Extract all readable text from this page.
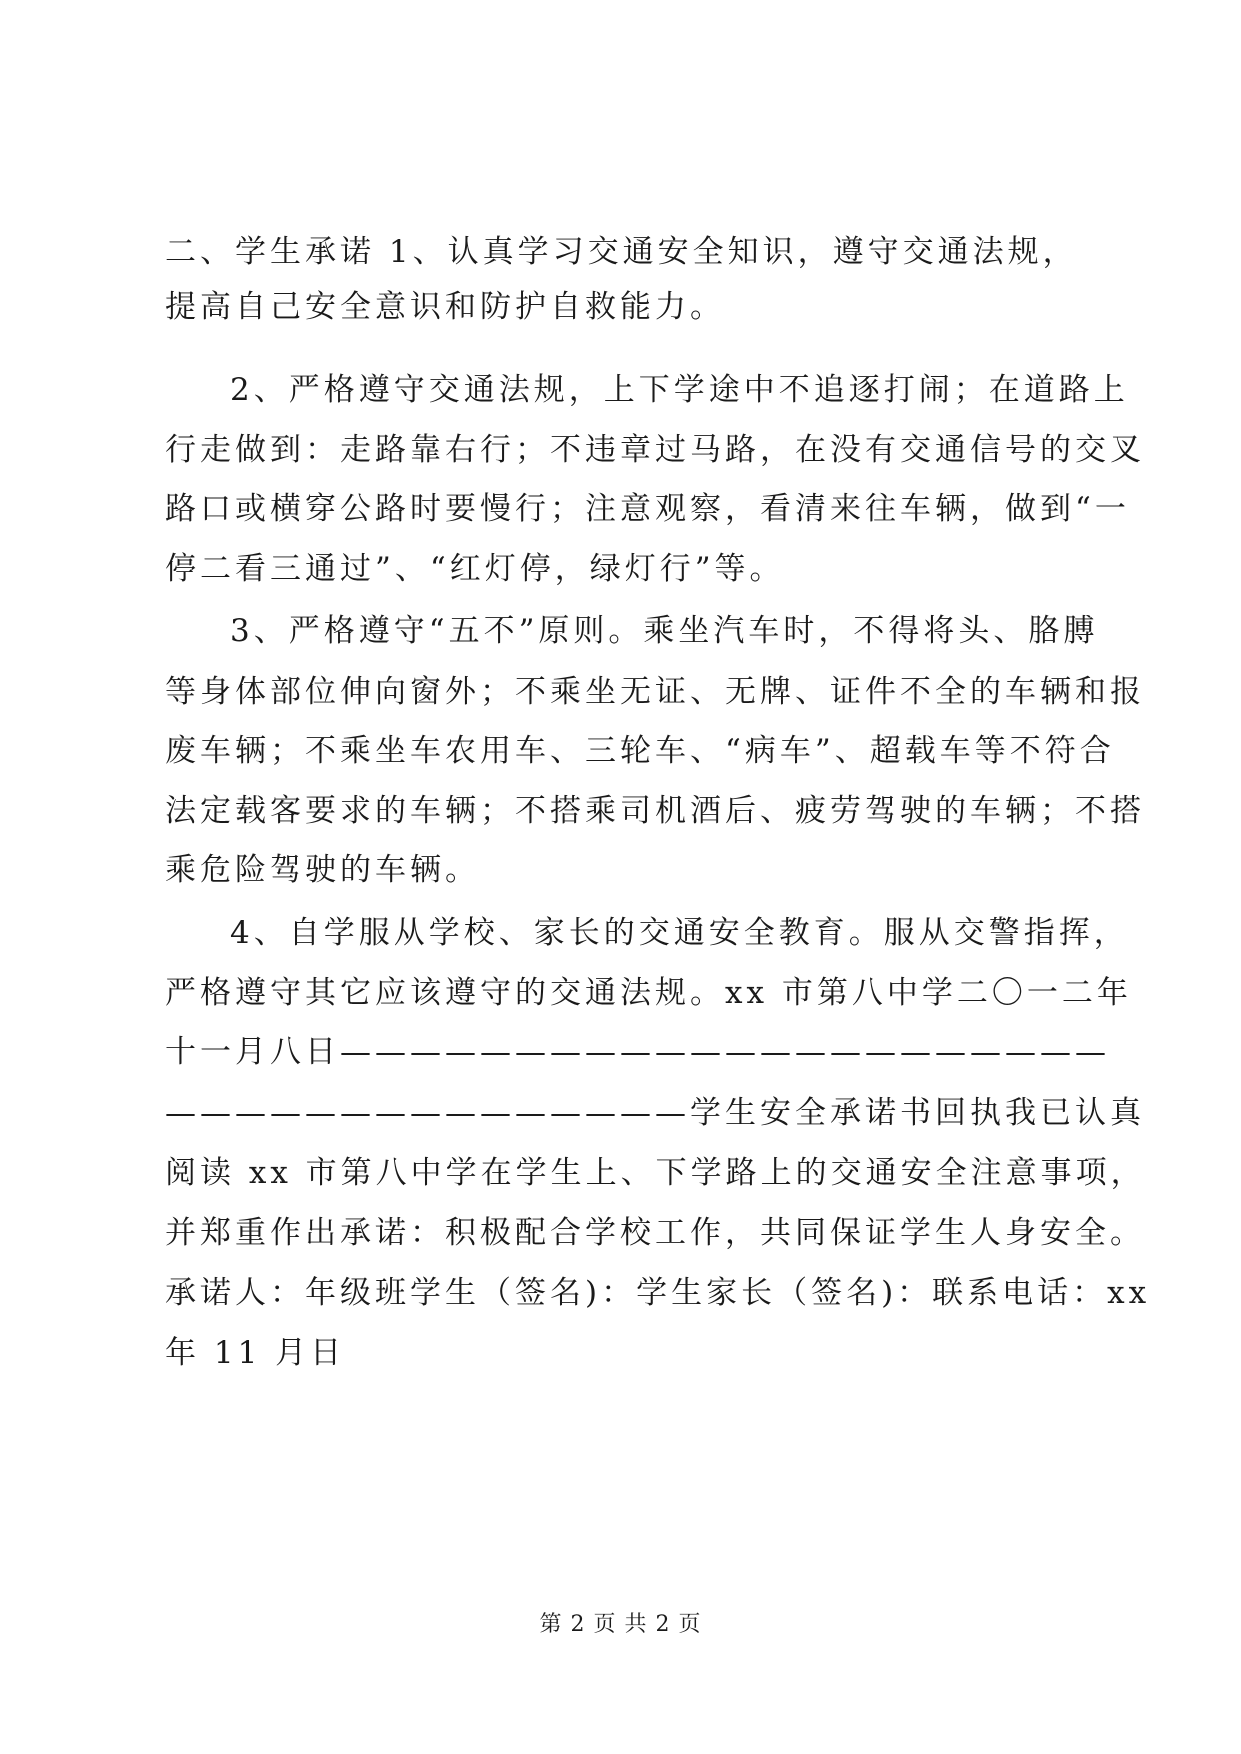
二、学生承诺 1、认真学习交通安全知识，遵守交通法规，
提高自己安全意识和防护自救能力。
2、严格遵守交通法规，上下学途中不追逐打闹；在道路上
行走做到：走路靠右行；不违章过马路，在没有交通信号的交叉
路口或横穿公路时要慢行；注意观察，看清来往车辆，做到“一
停二看三通过”、“红灯停，绿灯行”等。
3、严格遵守“五不”原则。乘坐汽车时，不得将头、胳膊
等身体部位伸向窗外；不乘坐无证、无牌、证件不全的车辆和报
废车辆；不乘坐车农用车、三轮车、“病车”、超载车等不符合
法定载客要求的车辆；不搭乘司机酒后、疲劳驾驶的车辆；不搭
乘危险驾驶的车辆。
4、自学服从学校、家长的交通安全教育。服从交警指挥，
严格遵守其它应该遵守的交通法规。xx 市第八中学二〇一二年
十一月八日——————————————————————
———————————————学生安全承诺书回执我已认真
阅读 xx 市第八中学在学生上、下学路上的交通安全注意事项，
并郑重作出承诺：积极配合学校工作，共同保证学生人身安全。
承诺人：年级班学生（签名)：学生家长（签名)：联系电话：xx
年 11 月日
第 2 页 共 2 页
